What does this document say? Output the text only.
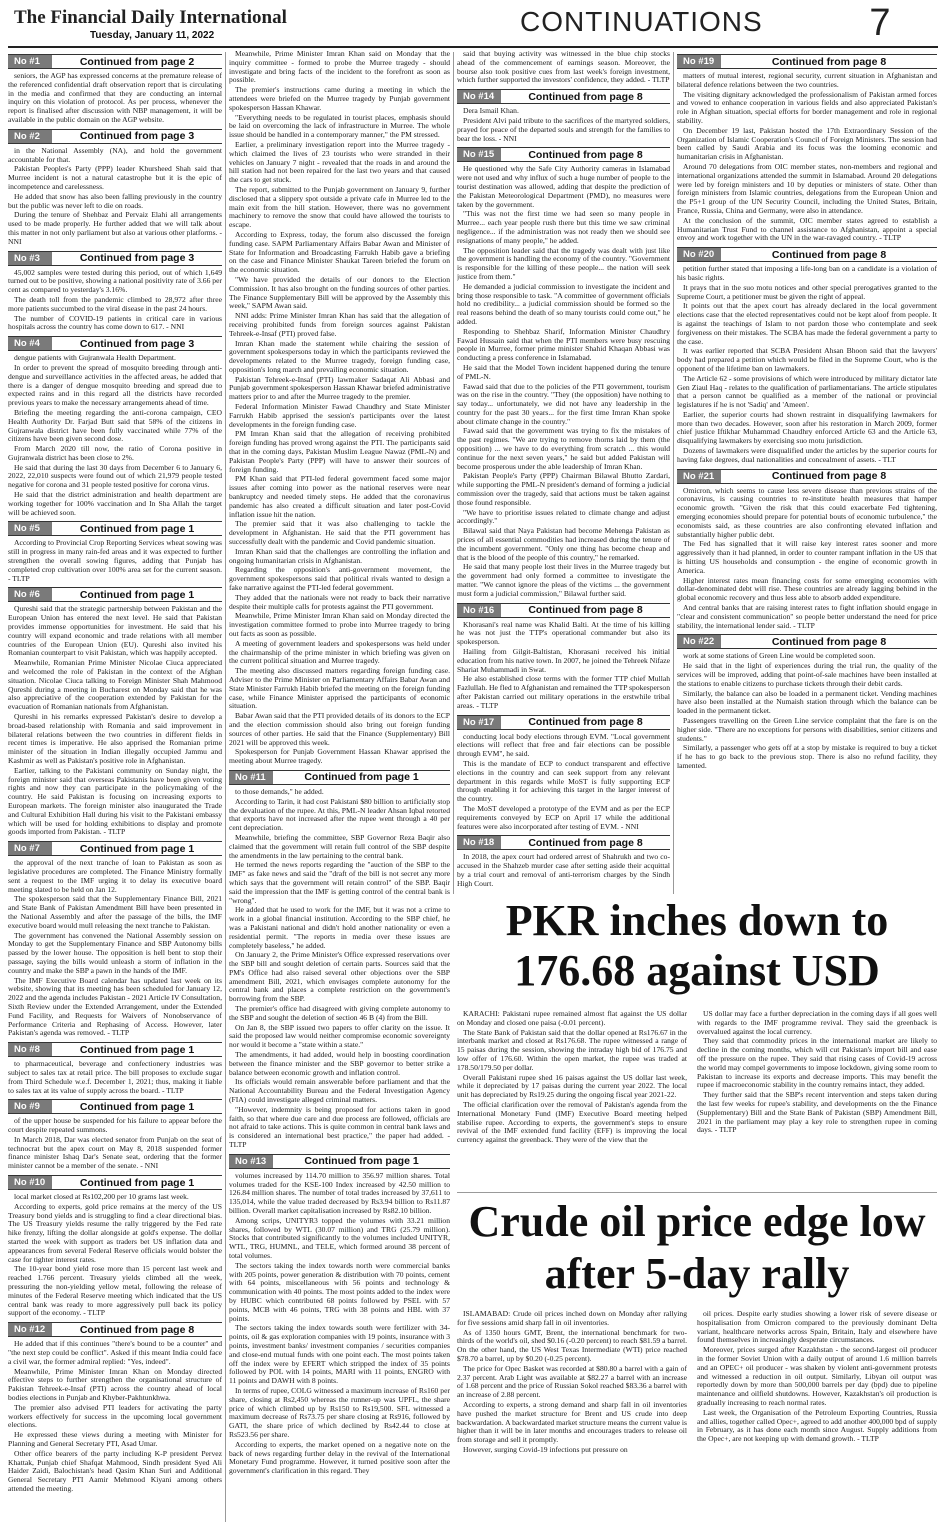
The Financial Daily International
Tuesday, January 11, 2022	CONTINUATIONS	7
No #1	Continued from page 2

seniors, the AGP has expressed concerns at the premature release of the referenced confidential draft observation report that is circulating in the media and confirmed that they are conducting an internal inquiry on this violation of protocol. As per process, whenever the report is finalised after discussion with NBP management, it will be available in the public domain on the AGP website.

No #2	Continued from page 3

in the National Assembly (NA), and hold the government accountable for that.

Pakistan Peoples's Party (PPP) leader Khursheed Shah said that Murree incident is not a natural catastrophe but it is the epic of incompetence and carelessness.

He added that snow has also been falling previously in the country but the public was never left to die on roads.

During the tenure of Shehbaz and Pervaiz Elahi all arrangements used to be made properly. He further added that we will talk about this matter in not only parliament but also at various other platforms. - NNI

No #3	Continued from page 3

45,002 samples were tested during this period, out of which 1,649 turned out to be positive, showing a national positivity rate of 3.66 per cent as compared to yesterday's 3.16%.

The death toll from the pandemic climbed to 28,972 after three more patients succumbed to the viral disease in the past 24 hours.

The number of COVID-19 patients in critical care in various hospitals across the country has come down to 617. - NNI

No #4	Continued from page 3

dengue patients with Gujranwala Health Department.

In order to prevent the spread of mosquito breeding through anti-dengue and surveillance activities in the affected areas, he added that there is a danger of dengue mosquito breeding and spread due to expected rains and in this regard all the districts have recorded previous years to make the necessary arrangements ahead of time.

Briefing the meeting regarding the anti-corona campaign, CEO Health Authority Dr. Farjad Butt said that 58% of the citizens in Gujranwala district have been fully vaccinated while 77% of the citizens have been given second dose.

From March 2020 till now, the ratio of Corona positive in Gujranwala district has been close to 2%.

He said that during the last 30 days from December 6 to January 6, 2022, 22,010 suspects were found out of which 21,979 people tested negative for corona and 31 people tested positive for corona virus.

He said that the district administration and health department are working together for 100% vaccination and In Sha Allah the target will be achieved soon.

No #5	Continued from page 1

According to Provincial Crop Reporting Services wheat sowing was still in progress in many rain-fed areas and it was expected to further strengthen the overall sowing figures, adding that Punjab has completed crop cultivation over 100% area set for the current season. - TLTP

No #6	Continued from page 1

Qureshi said that the strategic partnership between Pakistan and the European Union has entered the next level. He said that Pakistan provides immense opportunities for investment. He said that his country will expand economic and trade relations with all member countries of the European Union (EU). Qureshi also invited his Romanian counterpart to visit Pakistan, which was happily accepted.

Meanwhile, Romanian Prime Minister Nicolae Ciuca appreciated and welcomed the role of Pakistan in the context of the Afghan situation. Nicolae Ciuca talking to Foreign Minister Shah Mahmood Qureshi during a meeting in Bucharest on Monday said that he was also appreciative of the cooperation extended by Pakistan for the evacuation of Romanian nationals from Afghanistan.

Qureshi in his remarks expressed Pakistan's desire to develop a broad-based relationship with Romania and said improvement in bilateral relations between the two countries in different fields in recent times is imperative. He also apprised the Romanian prime minister of the situation in Indian illegally occupied Jammu and Kashmir as well as Pakistan's positive role in Afghanistan.

Earlier, talking to the Pakistani community on Sunday night, the foreign minister said that overseas Pakistanis have been given voting rights and now they can participate in the policymaking of the country. He said Pakistan is focusing on increasing exports to European markets. The foreign minister also inaugurated the Trade and Cultural Exhibition Hall during his visit to the Pakistani embassy which will be used for holding exhibitions to display and promote goods imported from Pakistan. - TLTP

No #7	Continued from page 1

the approval of the next tranche of loan to Pakistan as soon as legislative procedures are completed. The Finance Ministry formally sent a request to the IMF urging it to delay its executive board meeting slated to be held on Jan 12.

The spokesperson said that the Supplementary Finance Bill, 2021 and State Bank of Pakistan Amendment Bill have been presented in the National Assembly and after the passage of the bills, the IMF executive board would mull releasing the next tranche to Pakistan.

The government has convened the National Assembly session on Monday to get the Supplementary Finance and SBP Autonomy bills passed by the lower house. The opposition is hell bent to stop their passage, saying the bills would unleash a storm of inflation in the country and make the SBP a pawn in the hands of the IMF.

The IMF Executive Board calendar has updated last week on its website, showing that its meeting has been scheduled for January 12, 2022 and the agenda includes Pakistan - 2021 Article IV Consultation, Sixth Review under the Extended Arrangement, under the Extended Fund Facility, and Requests for Waivers of Nonobservance of Performance Criteria and Rephasing of Access. However, later Pakistan's agenda was removed. - TLTP

No #8	Continued from page 1

to pharmaceutical, beverage and confectionery industries was subject to sales tax at retail price. The bill proposes to exclude sugar from Third Schedule w.e.f. December 1, 2021; thus, making it liable to sales tax at its value of supply across the board. - TLTP

No #9	Continued from page 1

of the upper house be suspended for his failure to appear before the court despite repeated summons.

In March 2018, Dar was elected senator from Punjab on the seat of technocrat but the apex court on May 8, 2018 suspended former finance minister Ishaq Dar's Senate seat, ordering that the former minister cannot be a member of the senate. - NNI

No #10	Continued from page 1

local market closed at Rs102,200 per 10 grams last week.

According to experts, gold price remains at the mercy of the US Treasury bond yields and is struggling to find a clear directional bias. The US Treasury yields resume the rally triggered by the Fed rate hike frenzy, lifting the dollar alongside at gold's expense. The dollar started the week with support as traders bet US inflation data and appearances from several Federal Reserve officials would bolster the case for tighter interest rates.

The 10-year bond yield rose more than 15 percent last week and reached 1.766 percent. Treasury yields climbed all the week, pressuring the non-yielding yellow metal, following the release of minutes of the Federal Reserve meeting which indicated that the US central bank was ready to more aggressively pull back its policy support of the economy. - TLTP

No #12	Continued from page 8

He added that if this continues "there's bound to be a counter" and "the next step could be conflict". Asked if this meant India could face a civil war, the former admiral replied: "Yes, indeed".

Meanwhile, Prime Minister Imran Khan on Monday directed effective steps to further strengthen the organisational structure of Pakistan Tehreek-e-Insaf (PTI) across the country ahead of local bodies elections in Punjab and Khyber-Pakhtunkhwa.

The premier also advised PTI leaders for activating the party workers effectively for success in the upcoming local government elections.

He expressed these views during a meeting with Minister for Planning and General Secretary PTI, Asad Umar.

Other office bearers of the party including K-P president Pervez Khattak, Punjab chief Shafqat Mahmood, Sindh president Syed Ali Haider Zaidi, Balochistan's head Qasim Khan Suri and Additional General Secretary PTI Aamir Mehmood Kiyani among others attended the meeting.

Meanwhile, Prime Minister Imran Khan said on Monday that the inquiry committee - formed to probe the Murree tragedy - should investigate and bring facts of the incident to the forefront as soon as possible.

The premier's instructions came during a meeting in which the attendees were briefed on the Murree tragedy by Punjab government spokesperson Hassan Khawar.

"Everything needs to be regulated in tourist places, emphasis should be laid on overcoming the lack of infrastructure in Murree. The whole issue should be handled in a contemporary manner," the PM stressed.

Earlier, a preliminary investigation report into the Murree tragedy - which claimed the lives of 23 tourists who were stranded in their vehicles on January 7 night - revealed that the roads in and around the hill station had not been repaired for the last two years and that caused the cars to get stuck.

The report, submitted to the Punjab government on January 9, further disclosed that a slippery spot outside a private cafe in Murree led to the main exit from the hill station. However, there was no government machinery to remove the snow that could have allowed the tourists to escape.

According to Express, today, the forum also discussed the foreign funding case. SAPM Parliamentary Affairs Babar Awan and Minister of State for Information and Broadcasting Farrukh Habib gave a briefing on the case and Finance Minister Shaukat Tareen briefed the forum on the economic situation.

"We have provided the details of our donors to the Election Commission. It has also brought on the funding sources of other parties. The Finance Supplementary Bill will be approved by the Assembly this week," SAPM Awan said.

NNI adds: Prime Minister Imran Khan has said that the allegation of receiving prohibited funds from foreign sources against Pakistan Tehreek-e-Insaf (PTI) proved false.

Imran Khan made the statement while chairing the session of government spokespersons today in which the participants reviewed the developments related to the Murree tragedy, foreign funding case, opposition's long march and prevailing economic situation.

Pakistan Tehreek-e-Insaf (PTI) lawmaker Sadaqat Ali Abbasi and Punjab government spokesperson Hassan Khawar briefed administrative matters prior to and after the Murree tragedy to the premier.

Federal Information Minister Fawad Chaudhry and State Minister Farrukh Habib apprised the session's participants over the latest developments in the foreign funding case.

PM Imran Khan said that the allegation of receiving prohibited foreign funding has proved wrong against the PTI. The participants said that in the coming days, Pakistan Muslim League Nawaz (PML-N) and Pakistan People's Party (PPP) will have to answer their sources of foreign funding.

PM Khan said that PTI-led federal government faced some major issues after coming into power as the national reserves were near bankruptcy and needed timely steps. He added that the coronavirus pandemic has also created a difficult situation and later post-Covid inflation issue hit the nation.

The premier said that it was also challenging to tackle the development in Afghanistan. He said that the PTI government has successfully dealt with the pandemic and Covid pandemic situation.

Imran Khan said that the challenges are controlling the inflation and ongoing humanitarian crisis in Afghanistan.

Regarding the opposition's anti-government movement, the government spokespersons said that political rivals wanted to design a fake narrative against the PTI-led federal government.

They added that the nationals were not ready to back their narrative despite their multiple calls for protests against the PTI government.

Meanwhile, Prime Minister Imran Khan said on Monday directed the investigation committee formed to probe into Murree tragedy to bring out facts as soon as possible.

A meeting of government leaders and spokespersons was held under the chairmanship of the prime minister in which briefing was given on the current political situation and Murree tragedy.

The meeting also discussed matters regarding foreign funding case. Adviser to the Prime Minister on Parliamentary Affairs Babar Awan and State Minister Farrukh Habib briefed the meeting on the foreign funding case, while Finance Minister apprised the participants of economic situation.

Babar Awan said that the PTI provided details of its donors to the ECP and the election commission should also bring out foreign funding sources of other parties. He said that the Finance (Supplementary) Bill 2021 will be approved this week.

Spokesperson for Punjab Government Hassan Khawar apprised the meeting about Murree tragedy.

No #11	Continued from page 1

to those demands," he added.

According to Tarin, it had cost Pakistani $80 billion to artificially stop the devaluation of the rupee. At this, PML-N leader Ahsan Iqbal retorted that exports have not increased after the rupee went through a 40 per cent depreciation.

Meanwhile, briefing the committee, SBP Governor Reza Baqir also claimed that the government will retain full control of the SBP despite the amendments in the law pertaining to the central bank.

He termed the news reports regarding the "auction of the SBP to the IMF" as fake news and said the "draft of the bill is not secret any more which says that the government will retain control" of the SBP. Baqir said the impression that the IMF is getting control of the central bank is "wrong".

He added that he used to work for the IMF, but it was not a crime to work in a global financial institution. According to the SBP chief, he was a Pakistani national and didn't hold another nationality or even a residential permit. "The reports in media over these issues are completely baseless," he added.

On January 2, the Prime Minister's Office expressed reservations over the SBP bill and sought deletion of certain parts. Sources said that the PM's Office had also raised several other objections over the SBP amendment Bill, 2021, which envisages complete autonomy for the central bank and places a complete restriction on the government's borrowing from the SBP.

The premier's office had disagreed with giving complete autonomy to the SBP and sought the deletion of section 46 B (4) from the Bill.

On Jan 8, the SBP issued two papers to offer clarity on the issue. It said the proposed law would neither compromise economic sovereignty nor would it become a "state within a state."

The amendments, it had added, would help in boosting coordination between the finance minister and the SBP governor to better strike a balance between economic growth and inflation control.

Its officials would remain answerable before parliament and that the National Accountability Bureau and the Federal Investigation Agency (FIA) could investigate alleged criminal matters.

"However, indemnity is being proposed for actions taken in good faith, so that where due care and due process are followed, officials are not afraid to take actions. This is quite common in central bank laws and is considered an international best practice," the paper had added. - TLTP

No #13	Continued from page 1

volumes increased by 114.70 million to 356.97 million shares. Total volumes traded for the KSE-100 Index increased by 42.50 million to 126.84 million shares. The number of total trades increased by 37,611 to 135,014, while the value traded decreased by Rs3.94 billion to Rs11.87 billion. Overall market capitalisation increased by Rs82.10 billion.

Among scrips, UNITYR3 topped the volumes with 33.21 million shares, followed by WTL (30.07 million) and TRG (25.79 million). Stocks that contributed significantly to the volumes included UNITYR, WTL, TRG, HUMNL, and TELE, which formed around 38 percent of total volumes.

The sectors taking the index towards north were commercial banks with 205 points, power generation & distribution with 70 points, cement with 64 points, miscellaneous with 56 points and technology & communication with 40 points. The most points added to the index were by HUBC which contributed 68 points followed by PSEL with 57 points, MCB with 46 points, TRG with 38 points and HBL with 37 points.

The sectors taking the index towards south were fertilizer with 34-points, oil & gas exploration companies with 19 points, insurance with 3 points, investment banks/ investment companies / securities companies and close-end mutual funds with one point each. The most points taken off the index were by EFERT which stripped the index of 35 points followed by POL with 14 points, MARI with 11 points, ENGRO with 11 points and DAWH with 8 points.

In terms of rupee, COLG witnessed a maximum increase of Rs160 per share, closing at Rs2,450 whereas the runner-up was UPFL, the share price of which climbed up by Rs150 to Rs19,500. SFL witnessed a maximum decrease of Rs73.75 per share closing at Rs916, followed by GATI, the share price of which declined by Rs42.44 to close at Rs523.56 per share.

According to experts, the market opened on a negative note on the back of news regarding further delay in the revival of the International Monetary Fund programme. However, it turned positive soon after the government's clarification in this regard. They

said that buying activity was witnessed in the blue chip stocks ahead of the commencement of earnings season. Moreover, the bourse also took positive cues from last week's foreign investment, which further supported the investors' confidence, they added. - TLTP

No #14	Continued from page 8

Dera Ismail Khan.

President Alvi paid tribute to the sacrifices of the martyred soldiers, prayed for peace of the departed souls and strength for the families to bear the loss. - NNI

No #15	Continued from page 8

He questioned why the Safe City Authority cameras in Islamabad were not used and why influx of such a huge number of people to the tourist destination was allowed, adding that despite the prediction of the Pakistan Meteorological Department (PMD), no measures were taken by the government.

"This was not the first time we had seen so many people in Murree... each year people rush there but this time we saw criminal negligence... if the administration was not ready then we should see resignations of many people," he added.

The opposition leader said that the tragedy was dealt with just like the government is handling the economy of the country. "Government is responsible for the killing of these people... the nation will seek justice from them."

He demanded a judicial commission to investigate the incident and bring those responsible to task. "A committee of government officials hold no credibility... a judicial commission should be formed so the real reasons behind the death of so many tourists could come out," he added.

Responding to Shehbaz Sharif, Information Minister Chaudhry Fawad Hussain said that when the PTI members were busy rescuing people in Murree, former prime minister Shahid Khaqan Abbasi was conducting a press conference in Islamabad.

He said that the Model Town incident happened during the tenure of PML-N.

Fawad said that due to the policies of the PTI government, tourism was on the rise in the country. "They (the opposition) have nothing to say today... unfortunately, we did not have any leadership in the country for the past 30 years... for the first time Imran Khan spoke about climate change in the country."

Fawad said that the government was trying to fix the mistakes of the past regimes. "We are trying to remove thorns laid by them (the opposition) ... we have to do everything from scratch ... this would continue for the next seven years," he said but added Pakistan will become prosperous under the able leadership of Imran Khan.

Pakistan People's Party (PPP) Chairman Bilawal Bhutto Zardari, while supporting the PML-N president's demand of forming a judicial commission over the tragedy, said that actions must be taken against those found responsible.

"We have to prioritise issues related to climate change and adjust accordingly."

Bilawal said that Naya Pakistan had become Mehenga Pakistan as prices of all essential commodities had increased during the tenure of the incumbent government. "Only one thing has become cheap and that is the blood of the people of this country," he remarked.

He said that many people lost their lives in the Murree tragedy but the government had only formed a committee to investigate the matter. "We cannot ignore the pleas of the victims ... the government must form a judicial commission," Bilawal further said.

No #16	Continued from page 8

Khorasani's real name was Khalid Balti. At the time of his killing he was not just the TTP's operational commander but also its spokesperson.

Hailing from Gilgit-Baltistan, Khorasani received his initial education from his native town. In 2007, he joined the Tehreek Nifaze Shariat Muhammadi in Swat.

He also established close terms with the former TTP chief Mullah Fazlullah. He fled to Afghanistan and remained the TTP spokesperson after Pakistan carried out military operations in the erstwhile tribal areas. - TLTP

No #17	Continued from page 8

conducting local body elections through EVM. "Local government elections will reflect that free and fair elections can be possible through EVM", he said.

This is the mandate of ECP to conduct transparent and effective elections in the country and can seek support from any relevant department in this regards while MoST is fully supporting ECP through enabling it for achieving this target in the larger interest of the country.

The MoST developed a prototype of the EVM and as per the ECP requirements conveyed by ECP on April 17 while the additional features were also incorporated after testing of EVM. - NNI

No #18	Continued from page 8

In 2018, the apex court had ordered arrest of Shahrukh and two co-accused in the Shahzeb murder case after setting aside their acquittal by a trial court and removal of anti-terrorism charges by the Sindh High Court.

No #19	Continued from page 8

matters of mutual interest, regional security, current situation in Afghanistan and bilateral defence relations between the two countries.

The visiting dignitary acknowledged the professionalism of Pakistan armed forces and vowed to enhance cooperation in various fields and also appreciated Pakistan's role in Afghan situation, special efforts for border management and role in regional stability.

On December 19 last, Pakistan hosted the 17th Extraordinary Session of the Organization of Islamic Cooperation's Council of Foreign Ministers. The session had been called by Saudi Arabia and its focus was the looming economic and humanitarian crisis in Afghanistan.

Around 70 delegations from OIC member states, non-members and regional and international organizations attended the summit in Islamabad. Around 20 delegations were led by foreign ministers and 10 by deputies or ministers of state. Other than foreign ministers from Islamic countries, delegations from the European Union and the P5+1 group of the UN Security Council, including the United States, Britain, France, Russia, China and Germany, were also in attendance.

At the conclusion of the summit, OIC member states agreed to establish a Humanitarian Trust Fund to channel assistance to Afghanistan, appoint a special envoy and work together with the UN in the war-ravaged country. - TLTP

No #20	Continued from page 8

petition further stated that imposing a life-long ban on a candidate is a violation of his basic rights.

It prays that in the suo motu notices and other special prerogatives granted to the Supreme Court, a petitioner must be given the right of appeal.

It points out that the apex court has already declared in the local government elections case that the elected representatives could not be kept aloof from people. It is against the teachings of Islam to not pardon those who contemplate and seek forgiveness on their mistakes. The SCBA has made the federal government a party to the case.

It was earlier reported that SCBA President Ahsan Bhoon said that the lawyers' body had prepared a petition which would be filed in the Supreme Court, who is the opponent of the lifetime ban on lawmakers.

The Article 62 - some provisions of which were introduced by military dictator late Gen Ziaul Haq - relates to the qualification of parliamentarians. The article stipulates that a person cannot be qualified as a member of the national or provincial legislatures if he is not 'Sadiq' and 'Ameen'.

Earlier, the superior courts had shown restraint in disqualifying lawmakers for more than two decades. However, soon after his restoration in March 2009, former chief justice Iftikhar Muhammad Chaudhry enforced Article 63 and the Article 63, disqualifying lawmakers by exercising suo motu jurisdiction.

Dozens of lawmakers were disqualified under the articles by the superior courts for having fake degrees, dual nationalities and concealment of assets. - TLT

No #21	Continued from page 8

Omicron, which seems to cause less severe disease than previous strains of the coronavirus, is causing countries to re-institute health measures that hamper economic growth. "Given the risk that this could exacerbate Fed tightening, emerging economies should prepare for potential bouts of economic turbulence," the economists said, as these countries are also confronting elevated inflation and substantially higher public debt.

The Fed has signalled that it will raise key interest rates sooner and more aggressively than it had planned, in order to counter rampant inflation in the US that is hitting US households and consumption - the engine of economic growth in America.

Higher interest rates mean financing costs for some emerging economies with dollar-denominated debt will rise. These countries are already lagging behind in the global economic recovery and thus less able to absorb added expenditure.

And central banks that are raising interest rates to fight inflation should engage in "clear and consistent communication" so people better understand the need for price stability, the international lender said. - TLTP

No #22	Continued from page 8

work at some stations of Green Line would be completed soon.

He said that in the light of experiences during the trial run, the quality of the services will be improved, adding that point-of-sale machines have been installed at the stations to enable citizens to purchase tickets through their debit cards.

Similarly, the balance can also be loaded in a permanent ticket. Vending machines have also been installed at the Numaish station through which the balance can be loaded in the permanent ticket.

Passengers travelling on the Green Line service complaint that the fare is on the higher side. "There are no exceptions for persons with disabilities, senior citizens and students."

Similarly, a passenger who gets off at a stop by mistake is required to buy a ticket if he has to go back to the previous stop. There is also no refund facility, they lamented.

PKR inches down to 176.68 against USD

KARACHI: Pakistani rupee remained almost flat against the US dollar on Monday and closed one paisa (-0.01 percent).

The State Bank of Pakistan said that the dollar opened at Rs176.67 in the interbank market and closed at Rs176.68. The rupee witnessed a range of 15 paisas during the session, showing the intraday high bid of 176.75 and low offer of 176.60. Within the open market, the rupee was traded at 178.50/179.50 per dollar.

Overall Pakistani rupee shed 16 paisas against the US dollar last week, while it depreciated by 17 paisas during the current year 2022. The local unit has depreciated by Rs19.25 during the ongoing fiscal year 2021-22.

The official clarification over the removal of Pakistan's agenda from the International Monetary Fund (IMF) Executive Board meeting helped stabilise rupee. According to experts, the government's steps to ensure revival of the IMF extended fund facility (EFF) is improving the local currency against the greenback. They were of the view that the

US dollar may face a further depreciation in the coming days if all goes well with regards to the IMF programme revival. They said the greenback is overvalued against the local currency.

They said that commodity prices in the international market are likely to decline in the coming months, which will cut Pakistan's import bill and ease off the pressure on the rupee. They said that rising cases of Covid-19 across the world may compel governments to impose lockdown, giving some room to Pakistan to increase its exports and decrease imports. This may benefit the rupee if macroeconomic stability in the country remains intact, they added.

They further said that the SBP's recent intervention and steps taken during the last few weeks for rupee's stability, and developments on the the Finance (Supplementary) Bill and the State Bank of Pakistan (SBP) Amendment Bill, 2021 in the parliament may play a key role to strengthen rupee in coming days. - TLTP

Crude oil price edge low after 5-day rally

ISLAMABAD: Crude oil prices inched down on Monday after rallying for five sessions amid sharp fall in oil inventories.

As of 1350 hours GMT, Brent, the international benchmark for two-thirds of the world's oil, shed $0.16 (-0.20 percent) to reach $81.59 a barrel. On the other hand, the US West Texas Intermediate (WTI) price reached $78.70 a barrel, up by $0.20 (-0.25 percent).

The price for Opec Basket was recorded at $80.80 a barrel with a gain of 2.37 percent. Arab Light was available at $82.27 a barrel with an increase of 1.68 percent and the price of Russian Sokol reached $83.36 a barrel with an increase of 2.88 percent.

According to experts, a strong demand and sharp fall in oil inventories have pushed the market structure for Brent and US crude into deep backwardation. A backwardated market structure means the current value is higher than it will be in later months and encourages traders to release oil from storage and sell it promptly.

However, surging Covid-19 infections put pressure on

oil prices. Despite early studies showing a lower risk of severe disease or hospitalisation from Omicron compared to the previously dominant Delta variant, healthcare networks across Spain, Britain, Italy and elsewhere have found themselves in increasingly desperate circumstances.

Moreover, prices surged after Kazakhstan - the second-largest oil producer in the former Soviet Union with a daily output of around 1.6 million barrels and an OPEC+ oil producer - was shaken by violent anti-government protests and witnessed a reduction in oil output. Similarly, Libyan oil output was reportedly down by more than 500,000 barrels per day (bpd) due to pipeline maintenance and oilfield shutdowns. However, Kazakhstan's oil production is gradually increasing to reach normal rates.

Last week, the Organisation of the Petroleum Exporting Countries, Russia and allies, together called Opec+, agreed to add another 400,000 bpd of supply in February, as it has done each month since August. Supply additions from the Opec+, are not keeping up with demand growth. - TLTP
